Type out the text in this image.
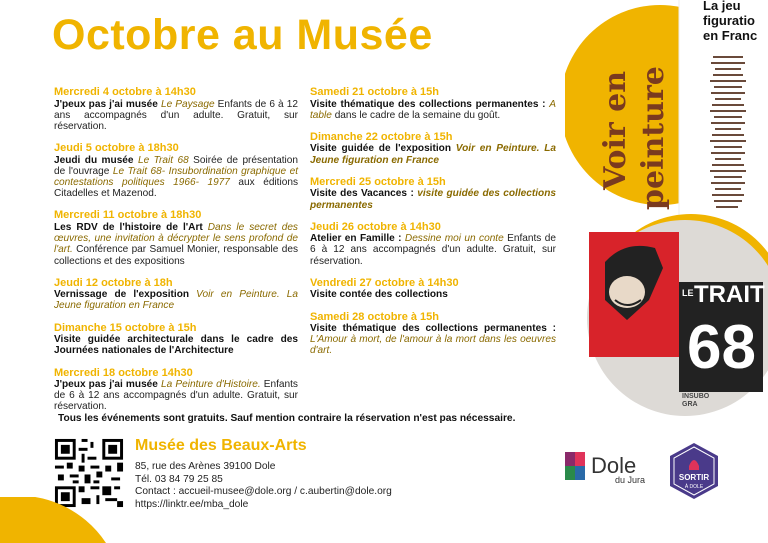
Octobre au Musée
Mercredi 4 octobre à 14h30
J'peux pas j'ai musée Le Paysage Enfants de 6 à 12 ans accompagnés d'un adulte. Gratuit, sur réservation.
Jeudi 5 octobre à 18h30
Jeudi du musée Le Trait 68 Soirée de présentation de l'ouvrage Le Trait 68- Insubordination graphique et contestations politiques 1966- 1977 aux éditions Citadelles et Mazenod.
Mercredi 11 octobre à 18h30
Les RDV de l'histoire de l'Art Dans le secret des œuvres, une invitation à décrypter le sens profond de l'art. Conférence par Samuel Monier, responsable des collections et des expositions
Jeudi 12 octobre à 18h
Vernissage de l'exposition Voir en Peinture. La Jeune figuration en France
Dimanche 15 octobre à 15h
Visite guidée architecturale dans le cadre des Journées nationales de l'Architecture
Mercredi 18 octobre 14h30
J'peux pas j'ai musée La Peinture d'Histoire. Enfants de 6 à 12 ans accompagnés d'un adulte. Gratuit, sur réservation.
Samedi 21 octobre à 15h
Visite thématique des collections permanentes : A table dans le cadre de la semaine du goût.
Dimanche 22 octobre à 15h
Visite guidée de l'exposition Voir en Peinture. La Jeune figuration en France
Mercredi 25 octobre à 15h
Visite des Vacances : visite guidée des collections permanentes
Jeudi 26 octobre à 14h30
Atelier en Famille : Dessine moi un conte Enfants de 6 à 12 ans accompagnés d'un adulte. Gratuit, sur réservation.
Vendredi 27 octobre à 14h30
Visite contée des collections
Samedi 28 octobre à 15h
Visite thématique des collections permanentes : L'Amour à mort, de l'amour à la mort dans les oeuvres d'art.
Tous les événements sont gratuits. Sauf mention contraire la réservation n'est pas nécessaire.
Musée des Beaux-Arts
85, rue des Arènes 39100 Dole
Tél. 03 84 79 25 85
Contact : accueil-musee@dole.org / c.aubertin@dole.org
https://linktr.ee/mba_dole
Voir en peinture
La jeu
figuratio
en Franc
LE TRAIT
68
INSUBO
GRA
Dole
du Jura	SORTIR
À DOLE
